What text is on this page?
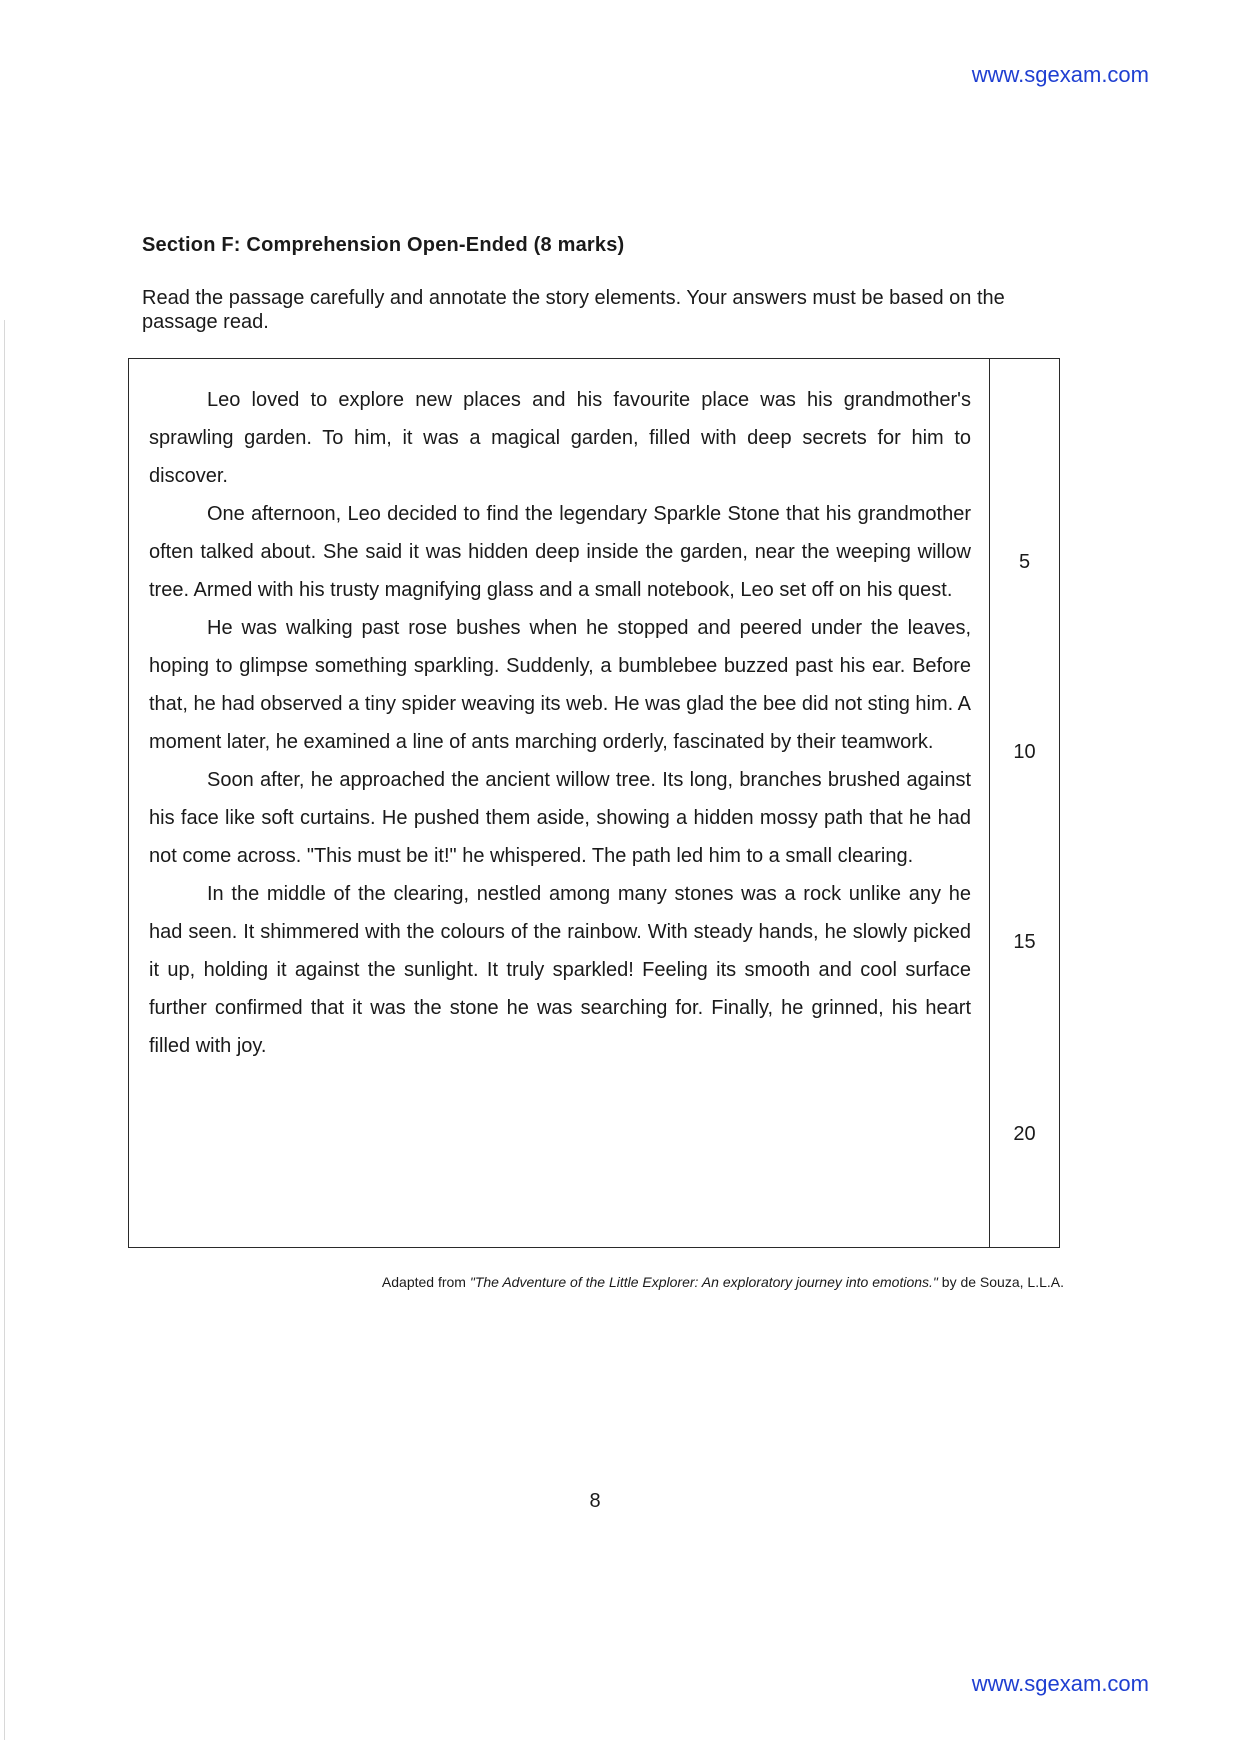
www.sgexam.com
Section F: Comprehension Open-Ended (8 marks)
Read the passage carefully and annotate the story elements. Your answers must be based on the passage read.

Leo loved to explore new places and his favourite place was his grandmother's sprawling garden. To him, it was a magical garden, filled with deep secrets for him to discover.

One afternoon, Leo decided to find the legendary Sparkle Stone that his grandmother often talked about. She said it was hidden deep inside the garden, near the weeping willow tree. Armed with his trusty magnifying glass and a small notebook, Leo set off on his quest.

He was walking past rose bushes when he stopped and peered under the leaves, hoping to glimpse something sparkling. Suddenly, a bumblebee buzzed past his ear. Before that, he had observed a tiny spider weaving its web. He was glad the bee did not sting him. A moment later, he examined a line of ants marching orderly, fascinated by their teamwork.

Soon after, he approached the ancient willow tree. Its long, branches brushed against his face like soft curtains. He pushed them aside, showing a hidden mossy path that he had not come across. "This must be it!" he whispered. The path led him to a small clearing.

In the middle of the clearing, nestled among many stones was a rock unlike any he had seen. It shimmered with the colours of the rainbow. With steady hands, he slowly picked it up, holding it against the sunlight. It truly sparkled! Feeling its smooth and cool surface further confirmed that it was the stone he was searching for. Finally, he grinned, his heart filled with joy.

5
10
15
20
Adapted from "The Adventure of the Little Explorer: An exploratory journey into emotions." by de Souza, L.L.A.
8
www.sgexam.com
